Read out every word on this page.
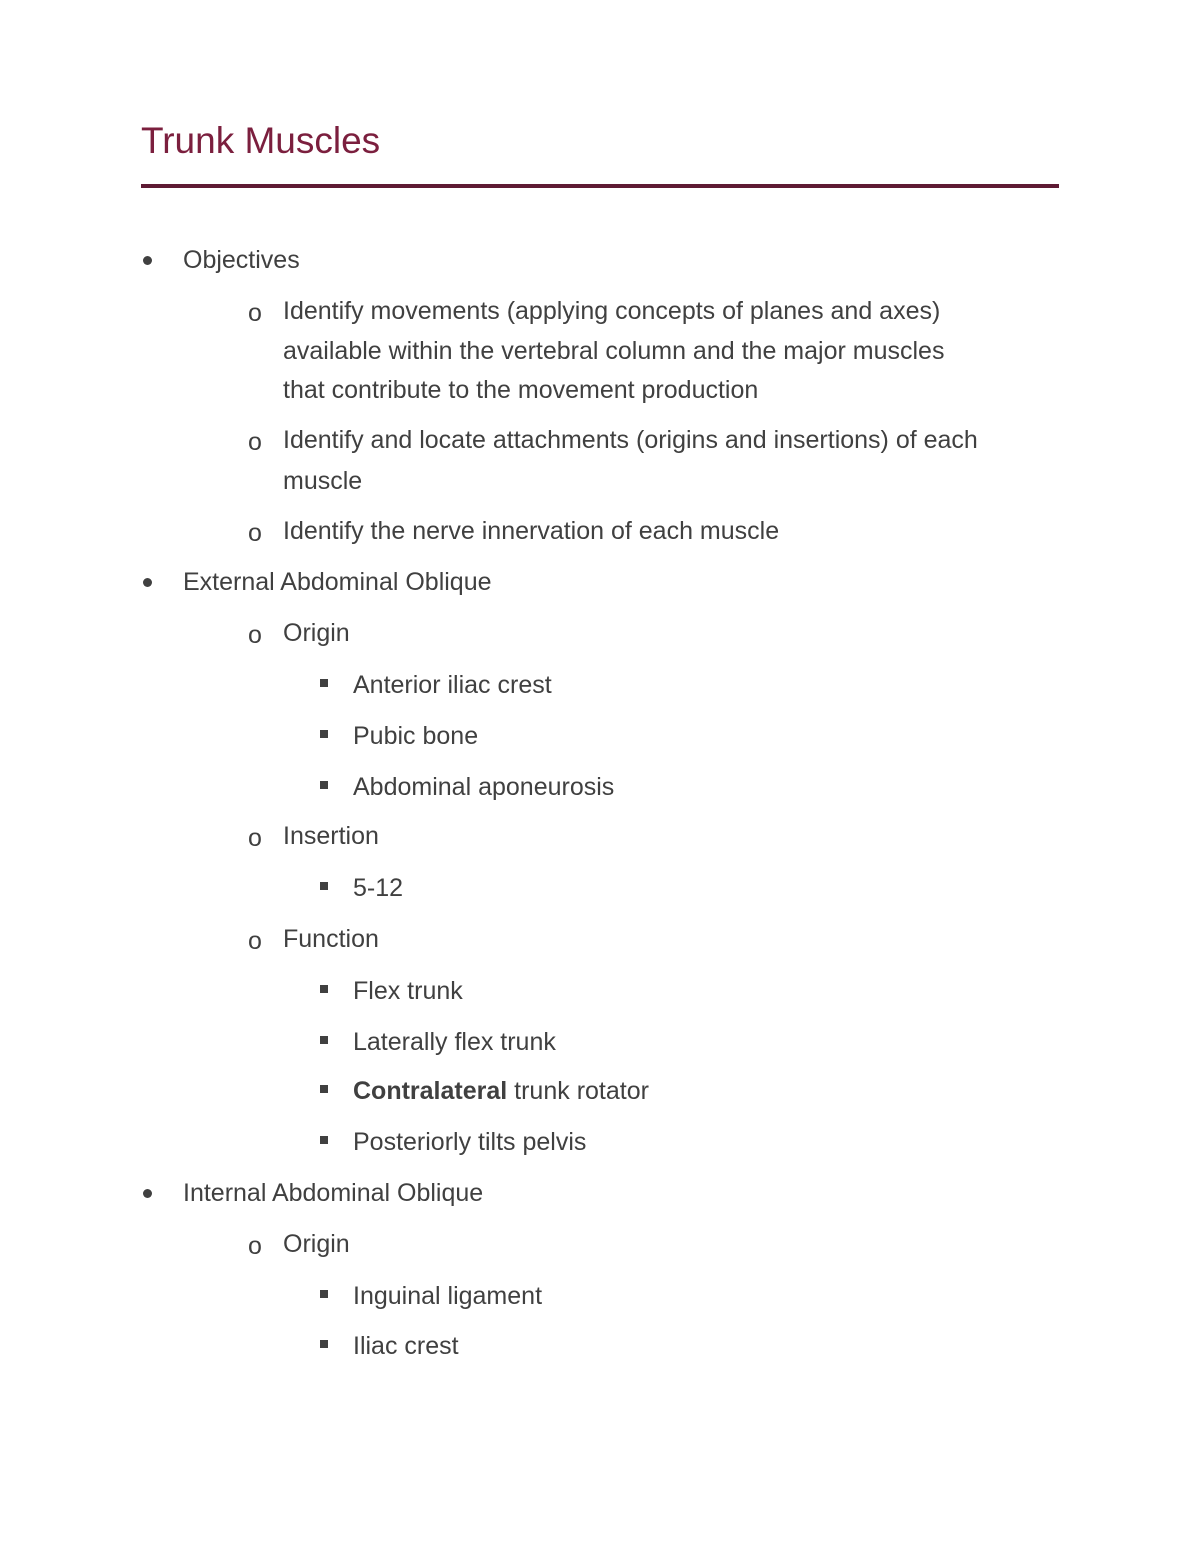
Trunk Muscles
Objectives
o Identify movements (applying concepts of planes and axes)
available within the vertebral column and the major muscles
that contribute to the movement production
o Identify and locate attachments (origins and insertions) of each
muscle
o Identify the nerve innervation of each muscle
External Abdominal Oblique
o Origin
Anterior iliac crest
Pubic bone
Abdominal aponeurosis
o Insertion
5-12
o Function
Flex trunk
Laterally flex trunk
Contralateral trunk rotator
Posteriorly tilts pelvis
Internal Abdominal Oblique
o Origin
Inguinal ligament
Iliac crest
